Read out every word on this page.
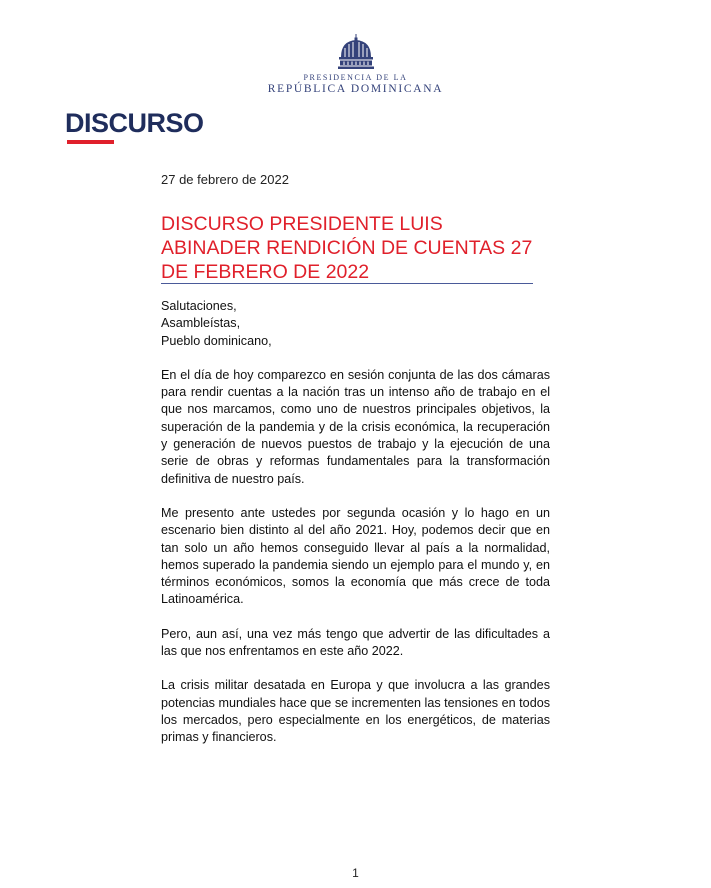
PRESIDENCIA DE LA
REPÚBLICA DOMINICANA
DISCURSO
27 de febrero de 2022
DISCURSO PRESIDENTE LUIS ABINADER RENDICIÓN DE CUENTAS 27 DE FEBRERO DE 2022

Salutaciones,

Asambleístas,

Pueblo dominicano,

En el día de hoy comparezco en sesión conjunta de las dos cámaras para rendir cuentas a la nación tras un intenso año de trabajo en el que nos marcamos, como uno de nuestros principales objetivos, la superación de la pandemia y de la crisis económica, la recuperación y generación de nuevos puestos de trabajo y la ejecución de una serie de obras y reformas fundamentales para la transformación definitiva de nuestro país.

Me presento ante ustedes por segunda ocasión y lo hago en un escenario bien distinto al del año 2021. Hoy, podemos decir que en tan solo un año hemos conseguido llevar al país a la normalidad, hemos superado la pandemia siendo un ejemplo para el mundo y, en términos económicos, somos la economía que más crece de toda Latinoamérica.

Pero, aun así, una vez más tengo que advertir de las dificultades a las que nos enfrentamos en este año 2022.

La crisis militar desatada en Europa y que involucra a las grandes potencias mundiales hace que se incrementen las tensiones en todos los mercados, pero especialmente en los energéticos, de materias primas y financieros.

1
